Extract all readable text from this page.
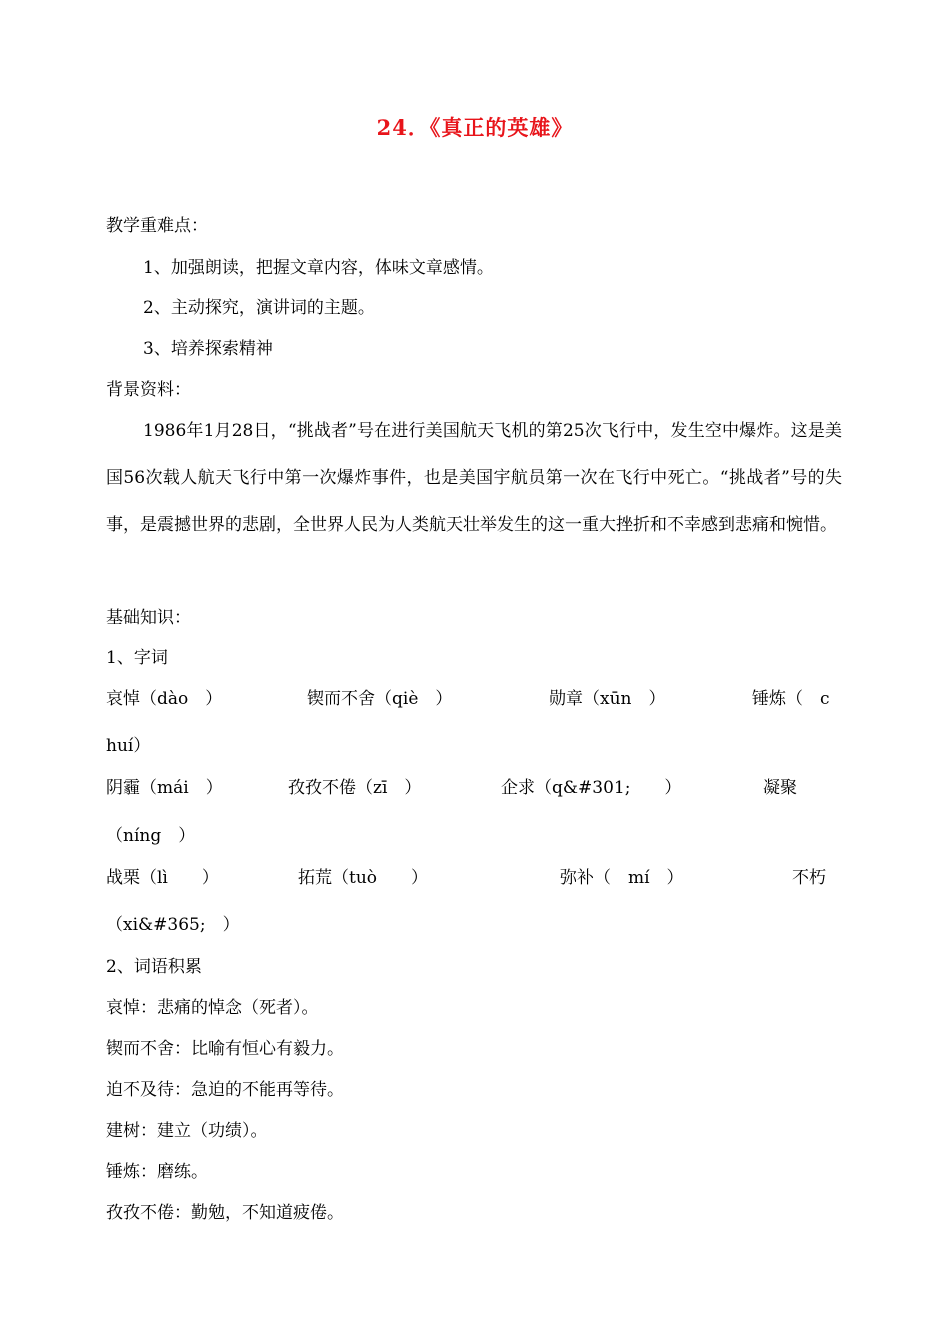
24．《真正的英雄》
教学重难点：
1、加强朗读，把握文章内容，体味文章感情。
2、主动探究，演讲词的主题。
3、培养探索精神
背景资料：
1986年1月28日，“挑战者”号在进行美国航天飞机的第25次飞行中，发生空中爆炸。这是美国56次载人航天飞行中第一次爆炸事件，也是美国宇航员第一次在飞行中死亡。“挑战者”号的失事，是震撼世界的悲剧，全世界人民为人类航天壮举发生的这一重大挫折和不幸感到悲痛和惋惜。
基础知识：
1、字词
哀悼（dào　）	锲而不舍（qiè　）	勋章（xūn　）	锤炼（　c
huí）
阴霾（mái　）	孜孜不倦（zī　）	企求（q&#301;　　）	凝聚
（níng　）
战栗（lì　　）	拓荒（tuò　　）	弥补（　mí　）	不朽
（xi&#365;　）
2、词语积累
哀悼：悲痛的悼念（死者）。
锲而不舍：比喻有恒心有毅力。
迫不及待：急迫的不能再等待。
建树：建立（功绩）。
锤炼：磨练。
孜孜不倦：勤勉，不知道疲倦。
